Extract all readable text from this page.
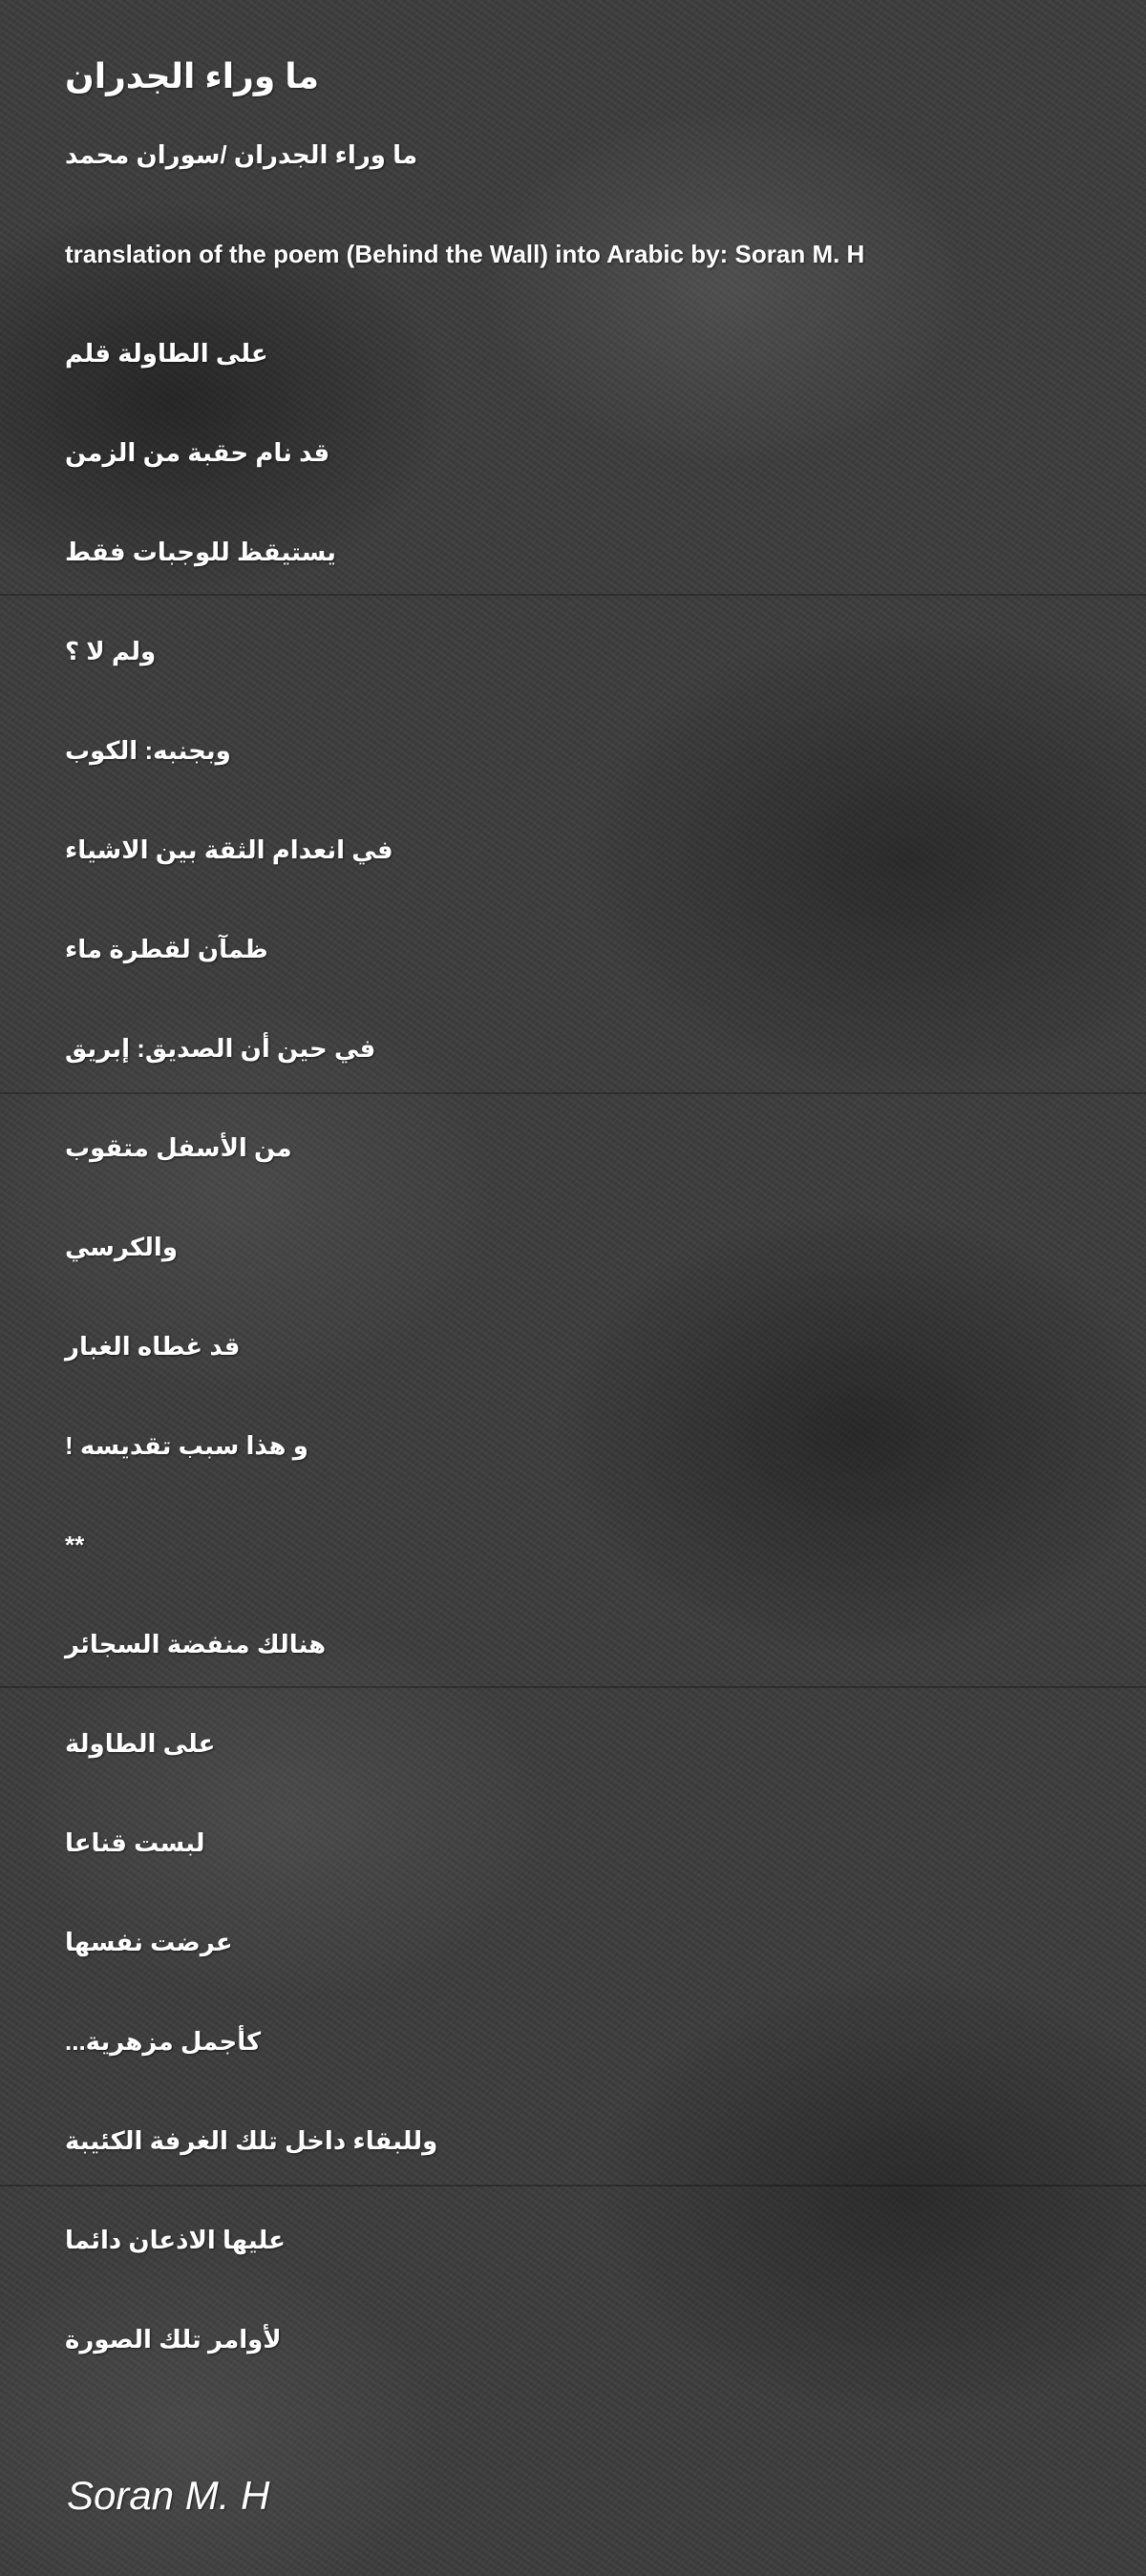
ما وراء الجدران

ما وراء الجدران /سوران محمد

translation of the poem (Behind the Wall) into Arabic by: Soran M. H

على الطاولة قلم

قد نام حقبة من الزمن

يستيقظ للوجبات فقط

ولم لا ؟

وبجنبه: الكوب

في انعدام الثقة بين الاشياء

ظمآن لقطرة ماء

في حين أن الصديق: إبريق

من الأسفل متقوب

والكرسي

قد غطاه الغبار

و هذا سبب تقديسه !

**

هنالك منفضة السجائر

على الطاولة

لبست قناعا

عرضت نفسها

كأجمل مزهرية...

وللبقاء داخل تلك الغرفة الكئيبة

عليها الاذعان دائما

لأوامر تلك الصورة

Soran M. H
